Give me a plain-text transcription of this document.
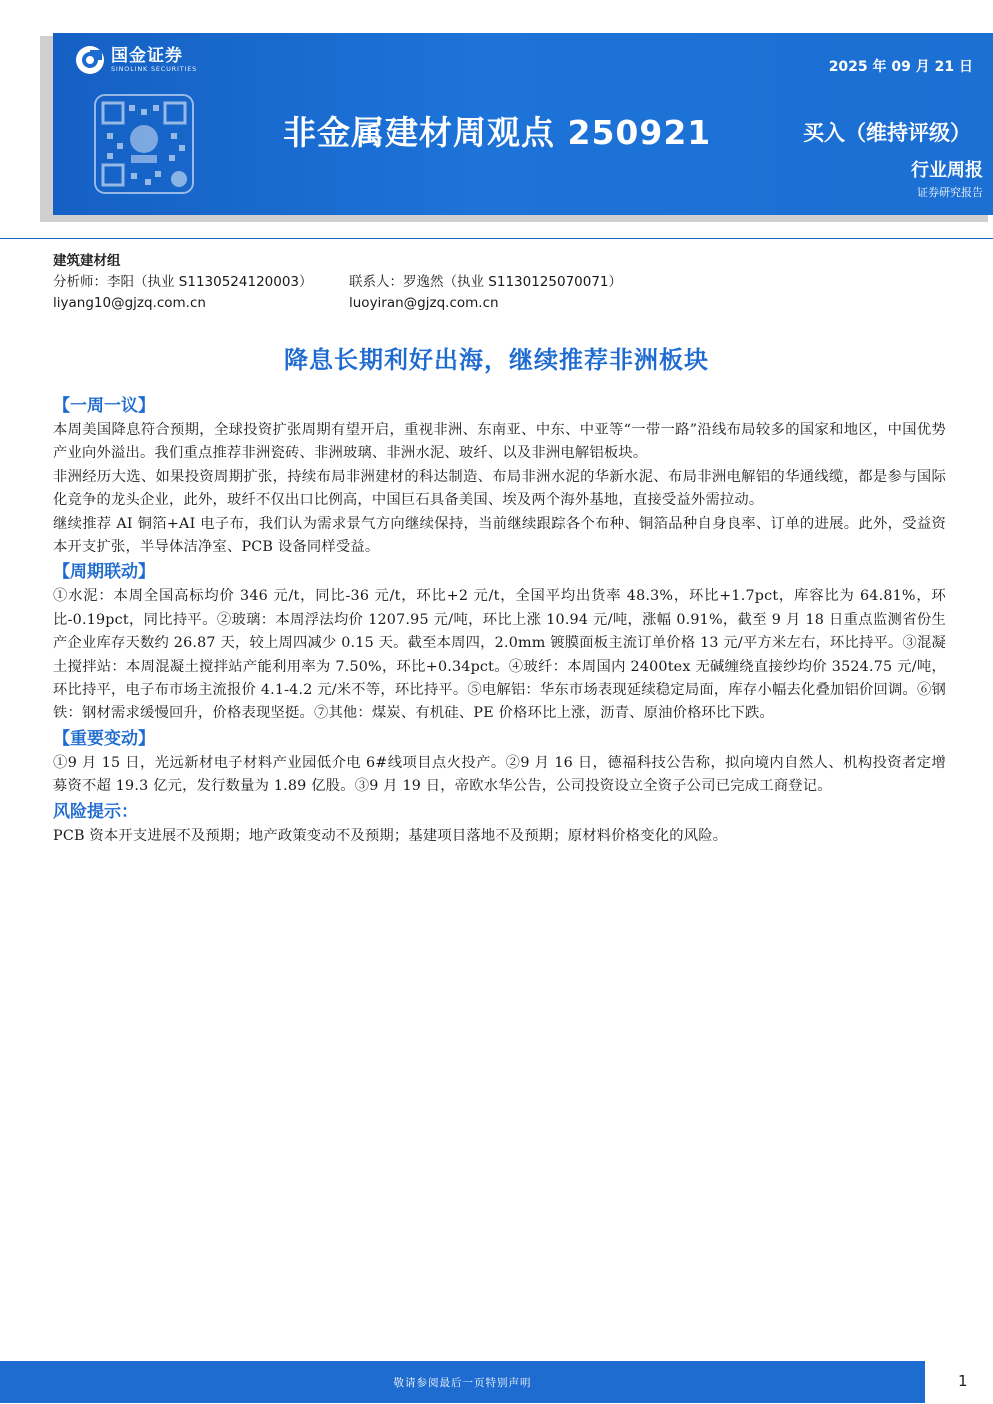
国金证券
SINOLINK SECURITIES
非金属建材周观点 250921
2025 年 09 月 21 日
买入（维持评级）
行业周报
证券研究报告
建筑建材组
分析师：李阳（执业 S1130524120003）	联系人：罗逸然（执业 S1130125070071）
liyang10@gjzq.com.cn	luoyiran@gjzq.com.cn
降息长期利好出海，继续推荐非洲板块
【一周一议】

本周美国降息符合预期，全球投资扩张周期有望开启，重视非洲、东南亚、中东、中亚等“一带一路”沿线布局较多的国家和地区，中国优势产业向外溢出。我们重点推荐非洲瓷砖、非洲玻璃、非洲水泥、玻纤、以及非洲电解铝板块。

非洲经历大选、如果投资周期扩张，持续布局非洲建材的科达制造、布局非洲水泥的华新水泥、布局非洲电解铝的华通线缆，都是参与国际化竞争的龙头企业，此外，玻纤不仅出口比例高，中国巨石具备美国、埃及两个海外基地，直接受益外需拉动。

继续推荐 AI 铜箔+AI 电子布，我们认为需求景气方向继续保持，当前继续跟踪各个布种、铜箔品种自身良率、订单的进展。此外，受益资本开支扩张，半导体洁净室、PCB 设备同样受益。

【周期联动】

①水泥：本周全国高标均价 346 元/t，同比-36 元/t，环比+2 元/t，全国平均出货率 48.3%，环比+1.7pct，库容比为 64.81%，环比-0.19pct，同比持平。②玻璃：本周浮法均价 1207.95 元/吨，环比上涨 10.94 元/吨，涨幅 0.91%，截至 9 月 18 日重点监测省份生产企业库存天数约 26.87 天，较上周四减少 0.15 天。截至本周四，2.0mm 镀膜面板主流订单价格 13 元/平方米左右，环比持平。③混凝土搅拌站：本周混凝土搅拌站产能利用率为 7.50%，环比+0.34pct。④玻纤：本周国内 2400tex 无碱缠绕直接纱均价 3524.75 元/吨，环比持平，电子布市场主流报价 4.1-4.2 元/米不等，环比持平。⑤电解铝：华东市场表现延续稳定局面，库存小幅去化叠加铝价回调。⑥钢铁：钢材需求缓慢回升，价格表现坚挺。⑦其他：煤炭、有机硅、PE 价格环比上涨，沥青、原油价格环比下跌。

【重要变动】

①9 月 15 日，光远新材电子材料产业园低介电 6#线项目点火投产。②9 月 16 日，德福科技公告称，拟向境内自然人、机构投资者定增募资不超 19.3 亿元，发行数量为 1.89 亿股。③9 月 19 日，帝欧水华公告，公司投资设立全资子公司已完成工商登记。

风险提示：

PCB 资本开支进展不及预期；地产政策变动不及预期；基建项目落地不及预期；原材料价格变化的风险。

敬请参阅最后一页特别声明	1
